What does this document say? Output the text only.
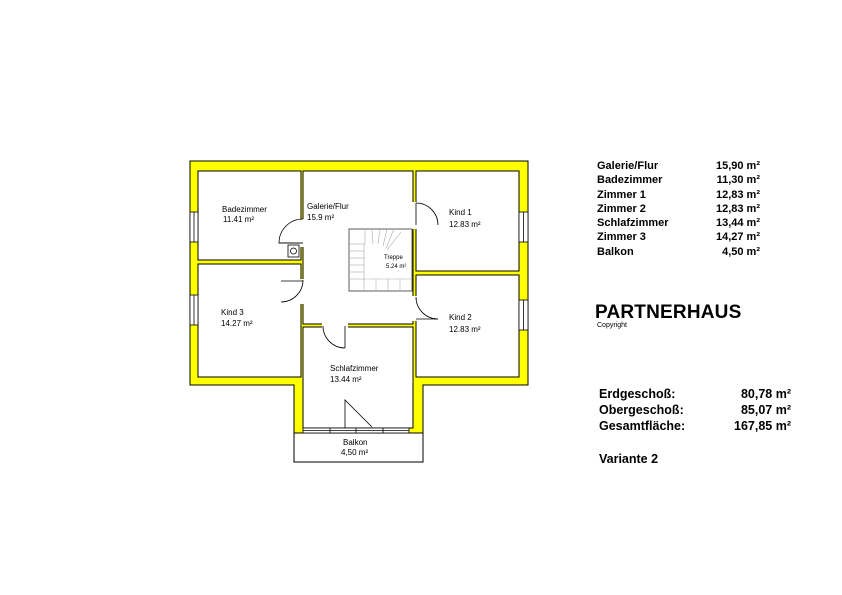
Badezimmer
11.41 m²
Galerie/Flur
15.9 m²
Kind 1
12.83 m²
Treppe
5.24 m²
Kind 3
14.27 m²
Kind 2
12.83 m²
Schlafzimmer
13.44 m²
Balkon
4,50 m²
Galerie/Flur	15,90 m²
Badezimmer	11,30 m²
Zimmer 1	12,83 m²
Zimmer 2	12,83 m²
Schlafzimmer	13,44 m²
Zimmer 3	14,27 m²
Balkon	4,50 m²
PARTNERHAUS
Copyright
Erdgeschoß:	80,78 m²
Obergeschoß:	85,07 m²
Gesamtfläche:	167,85 m²
Variante 2
